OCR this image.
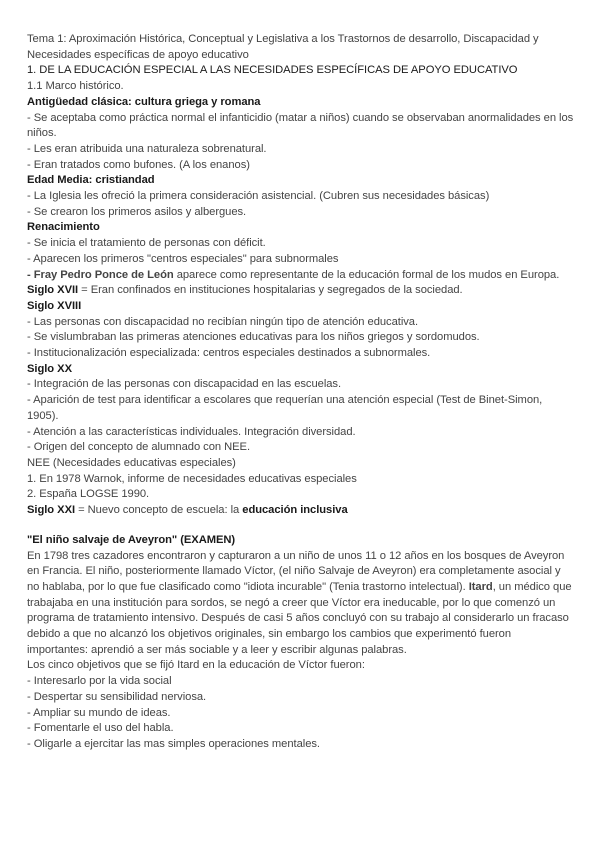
Tema 1: Aproximación Histórica, Conceptual y Legislativa a los Trastornos de desarrollo, Discapacidad y Necesidades específicas de apoyo educativo
1. DE LA EDUCACIÓN ESPECIAL A LAS NECESIDADES ESPECÍFICAS DE APOYO EDUCATIVO
1.1 Marco histórico.
Antigüedad clásica: cultura griega y romana
- Se aceptaba como práctica normal el infanticidio (matar a niños) cuando se observaban anormalidades en los niños.
- Les eran atribuida una naturaleza sobrenatural.
- Eran tratados como bufones. (A los enanos)
Edad Media: cristiandad
- La Iglesia les ofreció la primera consideración asistencial. (Cubren sus necesidades básicas)
- Se crearon los primeros asilos y albergues.
Renacimiento
- Se inicia el tratamiento de personas con déficit.
- Aparecen los primeros "centros especiales" para subnormales
- Fray Pedro Ponce de León aparece como representante de la educación formal de los mudos en Europa.
Siglo XVII = Eran confinados en instituciones hospitalarias y segregados de la sociedad.
Siglo XVIII
- Las personas con discapacidad no recibían ningún tipo de atención educativa.
- Se vislumbraban las primeras atenciones educativas para los niños griegos y sordomudos.
- Institucionalización especializada: centros especiales destinados a subnormales.
Siglo XX
- Integración de las personas con discapacidad en las escuelas.
- Aparición de test para identificar a escolares que requerían una atención especial (Test de Binet-Simon, 1905).
- Atención a las características individuales. Integración diversidad.
- Origen del concepto de alumnado con NEE.
NEE (Necesidades educativas especiales)
1. En 1978 Warnok, informe de necesidades educativas especiales
2. España LOGSE 1990.
Siglo XXI = Nuevo concepto de escuela: la educación inclusiva
"El niño salvaje de Aveyron" (EXAMEN)
En 1798 tres cazadores encontraron y capturaron a un niño de unos 11 o 12 años en los bosques de Aveyron en Francia. El niño, posteriormente llamado Víctor, (el niño Salvaje de Aveyron) era completamente asocial y no hablaba, por lo que fue clasificado como "idiota incurable" (Tenia trastorno intelectual). Itard, un médico que trabajaba en una institución para sordos, se negó a creer que Víctor era ineducable, por lo que comenzó un programa de tratamiento intensivo. Después de casi 5 años concluyó con su trabajo al considerarlo un fracaso debido a que no alcanzó los objetivos originales, sin embargo los cambios que experimentó fueron importantes: aprendió a ser más sociable y a leer y escribir algunas palabras.
Los cinco objetivos que se fijó Itard en la educación de Víctor fueron:
- Interesarlo por la vida social
- Despertar su sensibilidad nerviosa.
- Ampliar su mundo de ideas.
- Fomentarle el uso del habla.
- Oligarle a ejercitar las mas simples operaciones mentales.
